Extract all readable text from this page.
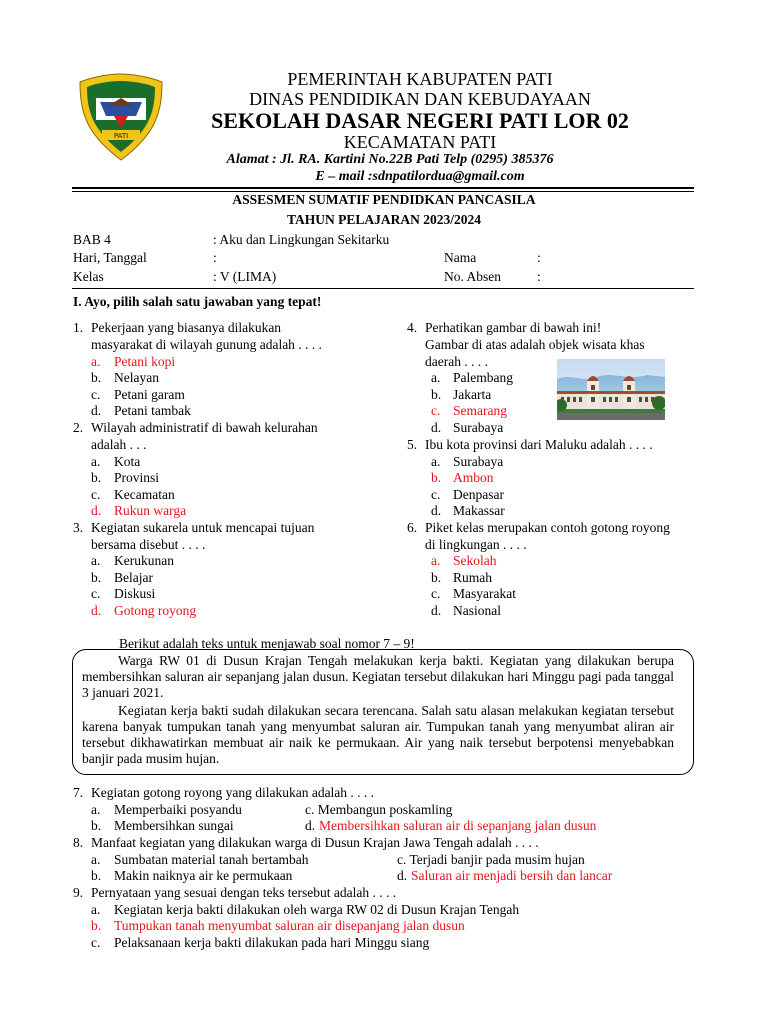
PATI
PEMERINTAH KABUPATEN PATI
DINAS PENDIDIKAN DAN KEBUDAYAAN
SEKOLAH DASAR NEGERI PATI LOR 02
KECAMATAN PATI
Alamat : Jl. RA. Kartini No.22B Pati Telp (0295) 385376
E – mail :sdnpatilordua@gmail.com
ASSESMEN SUMATIF PENDIDKAN PANCASILA
TAHUN PELAJARAN 2023/2024
BAB 4	: Aku dan Lingkungan Sekitarku
Hari, Tanggal	:	Nama	:
Kelas	: V (LIMA)	No. Absen	:
I. Ayo, pilih salah satu jawaban yang tepat!
1. Pekerjaan yang biasanya dilakukan
masyarakat di wilayah gunung adalah . . . .
a. Petani kopi
b. Nelayan
c. Petani garam
d. Petani tambak
2. Wilayah administratif di bawah kelurahan
adalah . . .
a. Kota
b. Provinsi
c. Kecamatan
d. Rukun warga
3. Kegiatan sukarela untuk mencapai tujuan
bersama disebut . . . .
a. Kerukunan
b. Belajar
c. Diskusi
d. Gotong royong
4. Perhatikan gambar di bawah ini!
Gambar di atas adalah objek wisata khas
daerah . . . .
a. Palembang
b. Jakarta
c. Semarang
d. Surabaya
5. Ibu kota provinsi dari Maluku adalah . . . .
a. Surabaya
b. Ambon
c. Denpasar
d. Makassar
6. Piket kelas merupakan contoh gotong royong
di lingkungan . . . .
a. Sekolah
b. Rumah
c. Masyarakat
d. Nasional
Berikut adalah teks untuk menjawab soal nomor 7 – 9!
Warga RW 01 di Dusun Krajan Tengah melakukan kerja bakti. Kegiatan yang dilakukan berupa membersihkan saluran air sepanjang jalan dusun. Kegiatan tersebut dilakukan hari Minggu pagi pada tanggal 3 januari 2021.
Kegiatan kerja bakti sudah dilakukan secara terencana. Salah satu alasan melakukan kegiatan tersebut karena banyak tumpukan tanah yang menyumbat saluran air. Tumpukan tanah yang menyumbat aliran air tersebut dikhawatirkan membuat air naik ke permukaan. Air yang naik tersebut berpotensi menyebabkan banjir pada musim hujan.
7. Kegiatan gotong royong yang dilakukan adalah . . . .
a. Memperbaiki posyandu	c. Membangun poskamling
b. Membersihkan sungai	d. Membersihkan saluran air di sepanjang jalan dusun
8. Manfaat kegiatan yang dilakukan warga di Dusun Krajan Jawa Tengah adalah . . . .
a. Sumbatan material tanah bertambah	c. Terjadi banjir pada musim hujan
b. Makin naiknya air ke permukaan	d. Saluran air menjadi bersih dan lancar
9. Pernyataan yang sesuai dengan teks tersebut adalah . . . .
a. Kegiatan kerja bakti dilakukan oleh warga RW 02 di Dusun Krajan Tengah
b. Tumpukan tanah menyumbat saluran air disepanjang jalan dusun
c. Pelaksanaan kerja bakti dilakukan pada hari Minggu siang
